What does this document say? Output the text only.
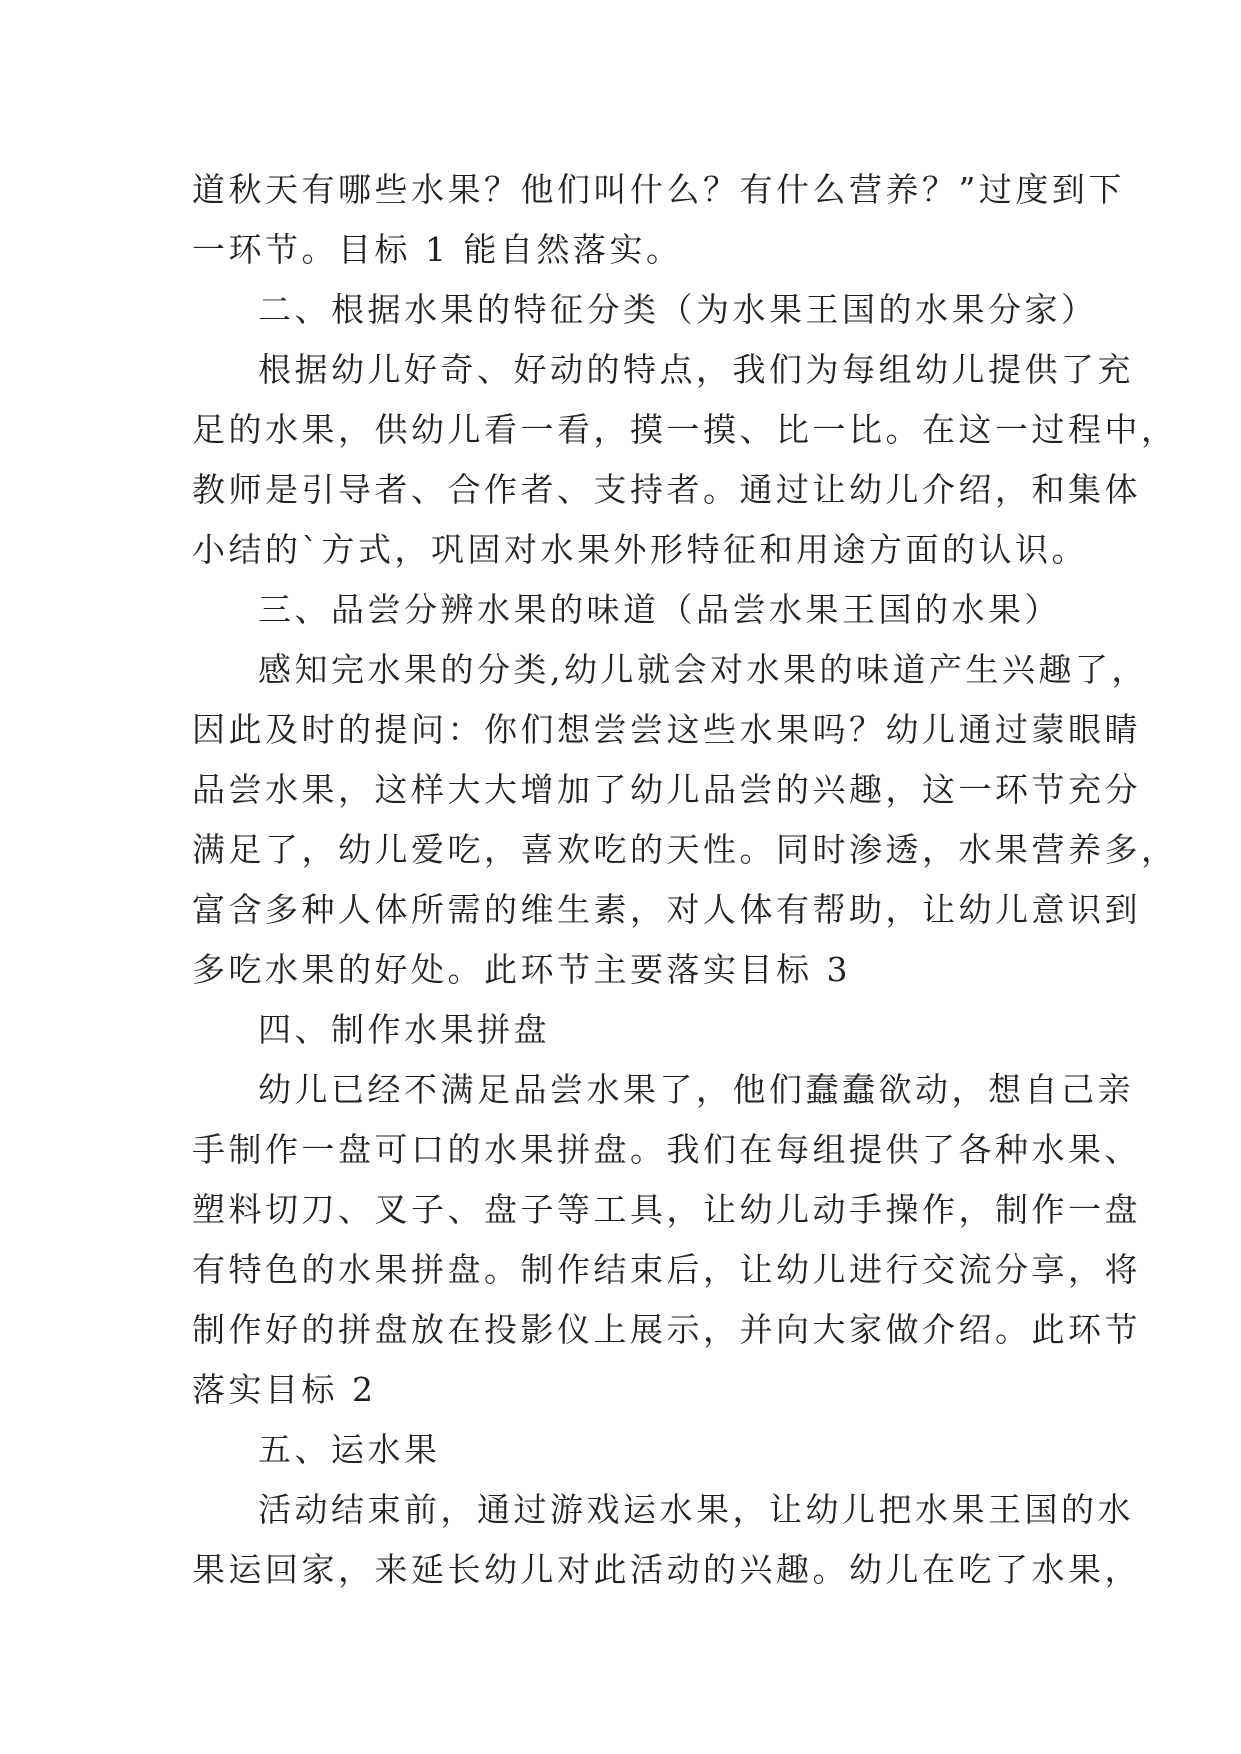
道秋天有哪些水果？他们叫什么？有什么营养？”过度到下

一环节。目标 1 能自然落实。

二、根据水果的特征分类（为水果王国的水果分家）

根据幼儿好奇、好动的特点，我们为每组幼儿提供了充

足的水果，供幼儿看一看，摸一摸、比一比。在这一过程中，

教师是引导者、合作者、支持者。通过让幼儿介绍，和集体

小结的`方式，巩固对水果外形特征和用途方面的认识。

三、品尝分辨水果的味道（品尝水果王国的水果）

感知完水果的分类,幼儿就会对水果的味道产生兴趣了，

因此及时的提问：你们想尝尝这些水果吗？幼儿通过蒙眼睛

品尝水果，这样大大增加了幼儿品尝的兴趣，这一环节充分

满足了，幼儿爱吃，喜欢吃的天性。同时渗透，水果营养多，

富含多种人体所需的维生素，对人体有帮助，让幼儿意识到

多吃水果的好处。此环节主要落实目标 3

四、制作水果拼盘

幼儿已经不满足品尝水果了，他们蠢蠢欲动，想自己亲

手制作一盘可口的水果拼盘。我们在每组提供了各种水果、

塑料切刀、叉子、盘子等工具，让幼儿动手操作，制作一盘

有特色的水果拼盘。制作结束后，让幼儿进行交流分享，将

制作好的拼盘放在投影仪上展示，并向大家做介绍。此环节

落实目标 2

五、运水果

活动结束前，通过游戏运水果，让幼儿把水果王国的水

果运回家，来延长幼儿对此活动的兴趣。幼儿在吃了水果，
